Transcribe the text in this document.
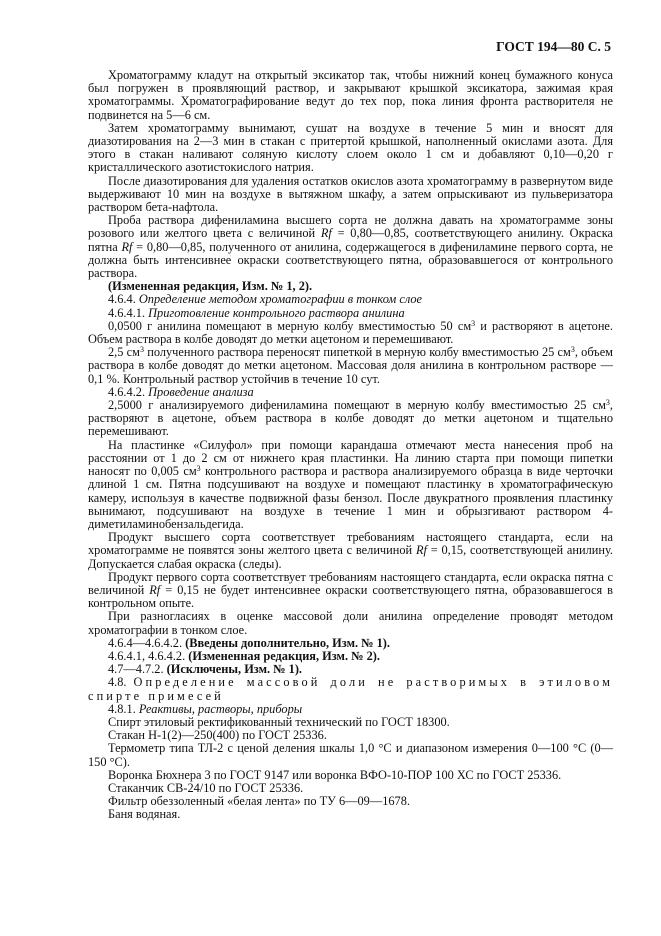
ГОСТ 194—80 С. 5

Хроматограмму кладут на открытый эксикатор так, чтобы нижний конец бумажного конуса был погружен в проявляющий раствор, и закрывают крышкой эксикатора, зажимая края хроматограммы. Хроматографирование ведут до тех пор, пока линия фронта растворителя не подвинется на 5—6 см.

Затем хроматограмму вынимают, сушат на воздухе в течение 5 мин и вносят для диазотирования на 2—3 мин в стакан с притертой крышкой, наполненный окислами азота. Для этого в стакан наливают соляную кислоту слоем около 1 см и добавляют 0,10—0,20 г кристаллического азотистокислого натрия.

После диазотирования для удаления остатков окислов азота хроматограмму в развернутом виде выдерживают 10 мин на воздухе в вытяжном шкафу, а затем опрыскивают из пульверизатора раствором бета-нафтола.

Проба раствора дифениламина высшего сорта не должна давать на хроматограмме зоны розового или желтого цвета с величиной Rf = 0,80—0,85, соответствующего анилину. Окраска пятна Rf = 0,80—0,85, полученного от анилина, содержащегося в дифениламине первого сорта, не должна быть интенсивнее окраски соответствующего пятна, образовавшегося от контрольного раствора.

(Измененная редакция, Изм. № 1, 2).

4.6.4. Определение методом хроматографии в тонком слое

4.6.4.1. Приготовление контрольного раствора анилина

0,0500 г анилина помещают в мерную колбу вместимостью 50 $см^3$ и растворяют в ацетоне. Объем раствора в колбе доводят до метки ацетоном и перемешивают.

2,5 $см^3$ полученного раствора переносят пипеткой в мерную колбу вместимостью 25 $см^3$, объем раствора в колбе доводят до метки ацетоном. Массовая доля анилина в контрольном растворе — 0,1 %. Контрольный раствор устойчив в течение 10 сут.

4.6.4.2. Проведение анализа

2,5000 г анализируемого дифениламина помещают в мерную колбу вместимостью 25 $см^3$, растворяют в ацетоне, объем раствора в колбе доводят до метки ацетоном и тщательно перемешивают.

На пластинке «Силуфол» при помощи карандаша отмечают места нанесения проб на расстоянии от 1 до 2 см от нижнего края пластинки. На линию старта при помощи пипетки наносят по 0,005 $см^3$ контрольного раствора и раствора анализируемого образца в виде черточки длиной 1 см. Пятна подсушивают на воздухе и помещают пластинку в хроматографическую камеру, используя в качестве подвижной фазы бензол. После двукратного проявления пластинку вынимают, подсушивают на воздухе в течение 1 мин и обрызгивают раствором 4-диметиламинобензальдегида.

Продукт высшего сорта соответствует требованиям настоящего стандарта, если на хроматограмме не появятся зоны желтого цвета с величиной Rf = 0,15, соответствующей анилину. Допускается слабая окраска (следы).

Продукт первого сорта соответствует требованиям настоящего стандарта, если окраска пятна с величиной Rf = 0,15 не будет интенсивнее окраски соответствующего пятна, образовавшегося в контрольном опыте.

При разногласиях в оценке массовой доли анилина определение проводят методом хроматографии в тонком слое.

4.6.4—4.6.4.2. (Введены дополнительно, Изм. № 1).

4.6.4.1, 4.6.4.2. (Измененная редакция, Изм. № 2).

4.7—4.7.2. (Исключены, Изм. № 1).

4.8. Определение массовой доли не растворимых в этиловом спирте примесей

4.8.1. Реактивы, растворы, приборы

Спирт этиловый ректификованный технический по ГОСТ 18300.

Стакан Н-1(2)—250(400) по ГОСТ 25336.

Термометр типа ТЛ-2 с ценой деления шкалы 1,0 °С и диапазоном измерения 0—100 °С (0—150 °С).

Воронка Бюхнера 3 по ГОСТ 9147 или воронка ВФО-10-ПОР 100 ХС по ГОСТ 25336.

Стаканчик СВ-24/10 по ГОСТ 25336.

Фильтр обеззоленный «белая лента» по ТУ 6—09—1678.

Баня водяная.
